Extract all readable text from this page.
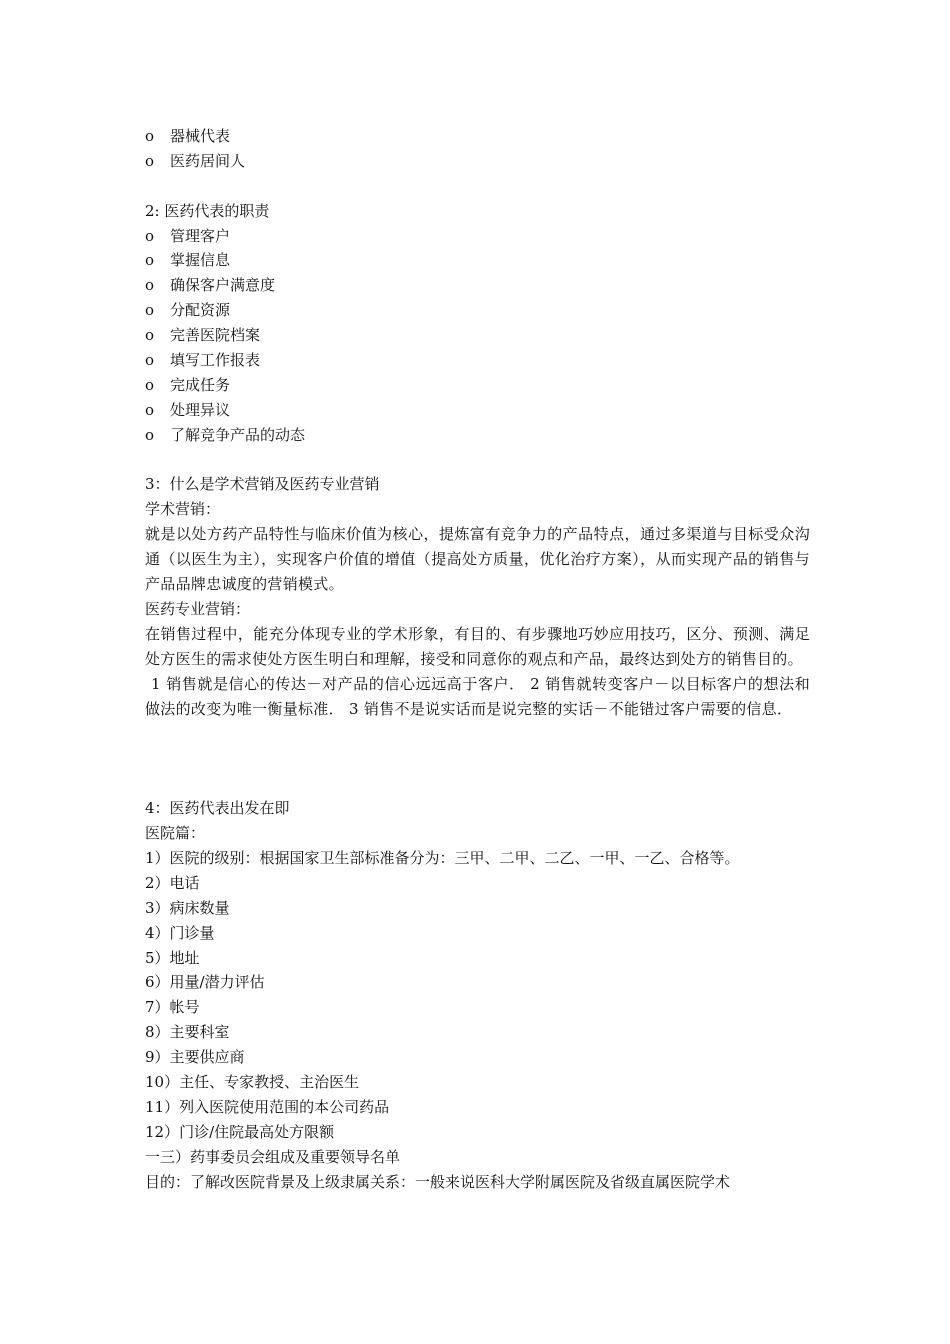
o	器械代表
o	医药居间人
2: 医药代表的职责
o	管理客户
o	掌握信息
o	确保客户满意度
o	分配资源
o	完善医院档案
o	填写工作报表
o	完成任务
o	处理异议
o	了解竞争产品的动态
3：什么是学术营销及医药专业营销
学术营销：
就是以处方药产品特性与临床价值为核心，提炼富有竞争力的产品特点，通过多渠道与目标受众沟通（以医生为主），实现客户价值的增值（提高处方质量，优化治疗方案），从而实现产品的销售与产品品牌忠诚度的营销模式。
医药专业营销：
在销售过程中，能充分体现专业的学术形象，有目的、有步骤地巧妙应用技巧，区分、预测、满足处方医生的需求使处方医生明白和理解，接受和同意你的观点和产品，最终达到处方的销售目的。
1 销售就是信心的传达－对产品的信心远远高于客户． 2 销售就转变客户－以目标客户的想法和做法的改变为唯一衡量标准． 3 销售不是说实话而是说完整的实话－不能错过客户需要的信息．
4：医药代表出发在即
医院篇：
1）医院的级别：根据国家卫生部标准备分为：三甲、二甲、二乙、一甲、一乙、合格等。
2）电话
3）病床数量
4）门诊量
5）地址
6）用量/潜力评估
7）帐号
8）主要科室
9）主要供应商
10）主任、专家教授、主治医生
11）列入医院使用范围的本公司药品
12）门诊/住院最高处方限额
一三）药事委员会组成及重要领导名单
目的：了解改医院背景及上级隶属关系：一般来说医科大学附属医院及省级直属医院学术
